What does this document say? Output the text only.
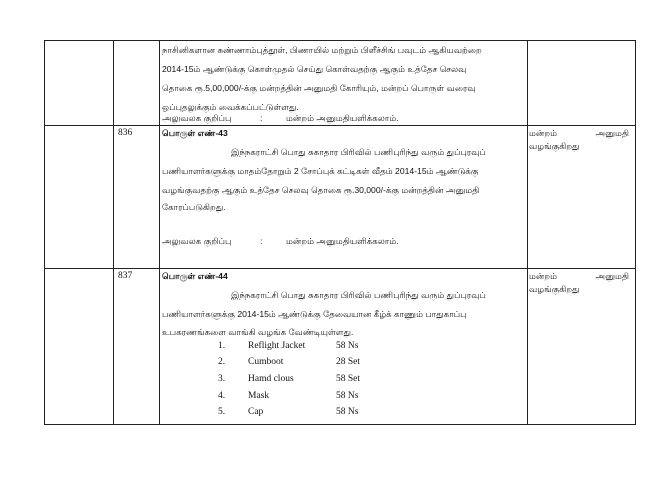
நாசினிகளான சுண்ணாம்புத்தூள், பிணாயில் மற்றும் பிளீச்சிங் பவுடம் ஆகியவற்றை
2014-15ம் ஆண்டுக்கு கொள்முதல் செய்து கொள்வதற்கு ஆகும் உத்தேச செலவு
தொகை ரூ.5,00,000/-க்கு மன்றத்தின் அனுமதி கோரியும், மன்றப் பொருள் வரைவு
ஒப்புதலுக்கும் வைக்கப்பட்டுள்ளது.
அலுவலக குறிப்பு	:	மன்றம் அனுமதியளிக்கலாம்.
836	பொருள் எண்-43
இந்நகராட்சி பொது சுகாதார பிரிவில் பணிபுரிந்து வரும் துப்புரவுப்
பணியாளர்களுக்கு மாதம்தோறும் 2 சோப்புக் கட்டிகள் வீதம் 2014-15ம் ஆண்டுக்கு
வழங்குவதற்கு ஆகும் உத்தேச செலவு தொகை ரூ.30,000/-க்கு மன்றத்தின் அனுமதி
கோரப்படுகிறது.
அலுவலக குறிப்பு	:	மன்றம் அனுமதியளிக்கலாம்.
மன்றம்	அனுமதி
வழங்குகிறது
837	பொருள் எண்-44
இந்நகராட்சி பொது சுகாதார பிரிவில் பணிபுரிந்து வரும் துப்புரவுப்
பணியாளர்களுக்கு 2014-15ம் ஆண்டுக்கு தேவையான கீழ்க் காணும் பாதுகாப்பு
உபகரணங்களை வாங்கி வழங்க வேண்டியுள்ளது.
1. Reflight Jacket	58 Ns
2. Cumboot	28 Set
3. Hamd clous	58 Set
4. Mask	58 Ns
5. Cap	58 Ns
மன்றம்	அனுமதி
வழங்குகிறது
